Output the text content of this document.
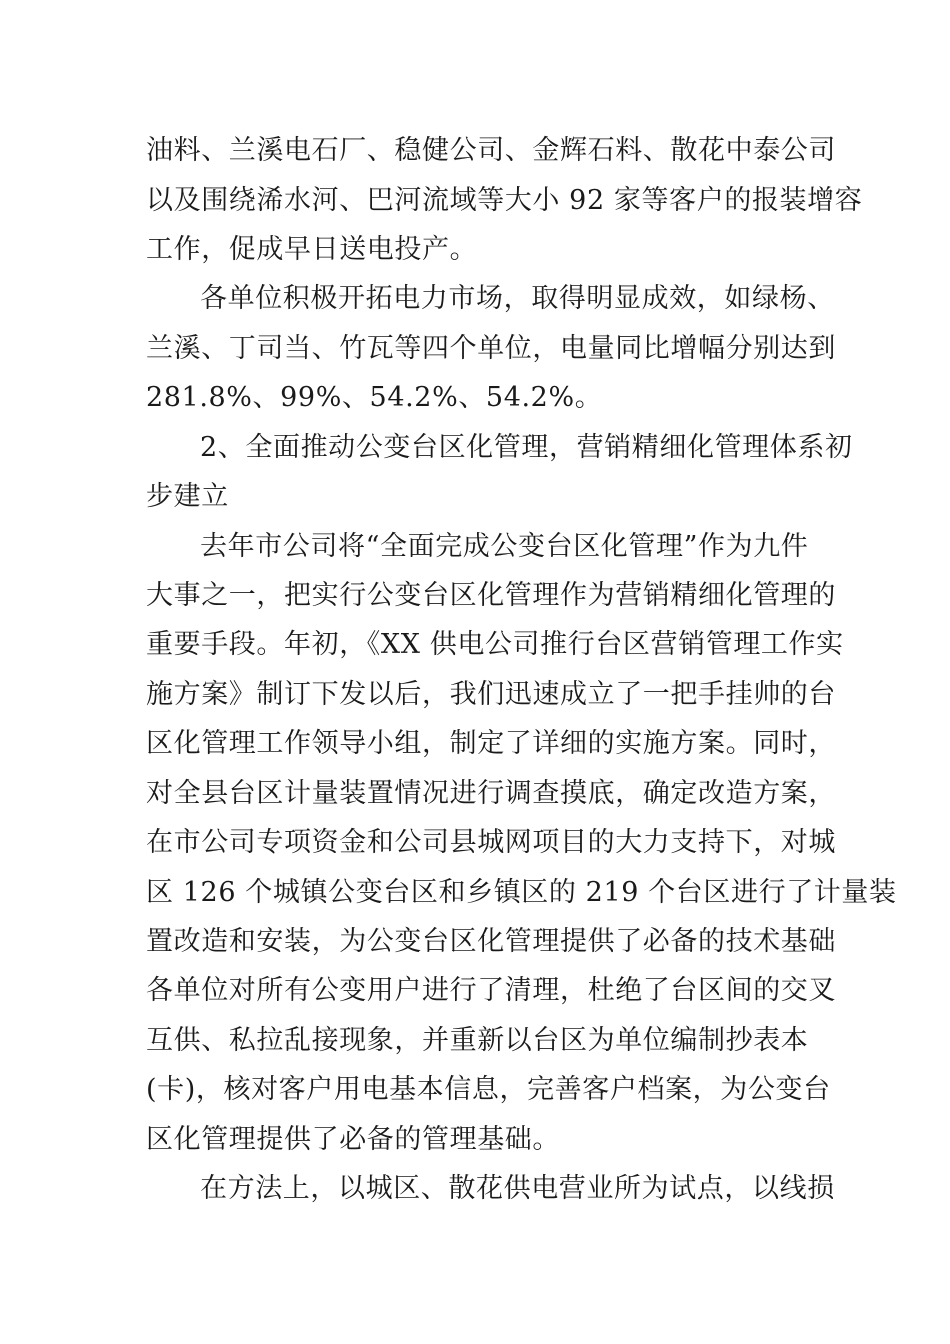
油料、兰溪电石厂、稳健公司、金辉石料、散花中泰公司
以及围绕浠水河、巴河流域等大小 92 家等客户的报装增容
工作，促成早日送电投产。
各单位积极开拓电力市场，取得明显成效，如绿杨、
兰溪、丁司当、竹瓦等四个单位，电量同比增幅分别达到
281.8%、99%、54.2%、54.2%。
2、全面推动公变台区化管理，营销精细化管理体系初
步建立
去年市公司将“全面完成公变台区化管理”作为九件
大事之一，把实行公变台区化管理作为营销精细化管理的
重要手段。年初，《XX 供电公司推行台区营销管理工作实
施方案》制订下发以后，我们迅速成立了一把手挂帅的台
区化管理工作领导小组，制定了详细的实施方案。同时，
对全县台区计量装置情况进行调查摸底，确定改造方案，
在市公司专项资金和公司县城网项目的大力支持下，对城
区 126 个城镇公变台区和乡镇区的 219 个台区进行了计量装
置改造和安装，为公变台区化管理提供了必备的技术基础
各单位对所有公变用户进行了清理，杜绝了台区间的交叉
互供、私拉乱接现象，并重新以台区为单位编制抄表本
(卡)，核对客户用电基本信息，完善客户档案，为公变台
区化管理提供了必备的管理基础。
在方法上，以城区、散花供电营业所为试点，以线损
